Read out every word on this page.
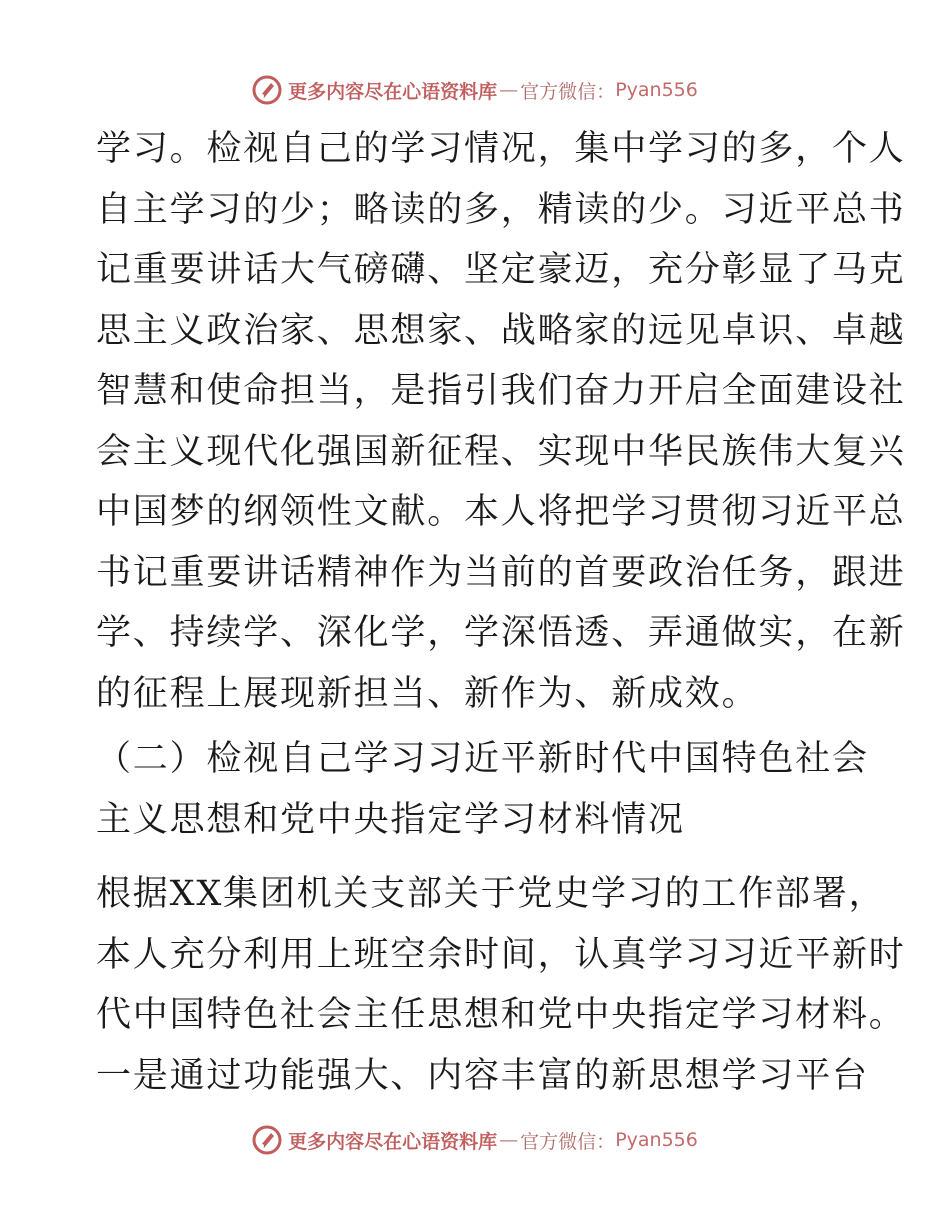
更多内容尽在心语资料库 — 官方微信： Pyan556
学习。检视自己的学习情况，集中学习的多，个人
自主学习的少；略读的多，精读的少。习近平总书
记重要讲话大气磅礴、坚定豪迈，充分彰显了马克
思主义政治家、思想家、战略家的远见卓识、卓越
智慧和使命担当，是指引我们奋力开启全面建设社
会主义现代化强国新征程、实现中华民族伟大复兴
中国梦的纲领性文献。本人将把学习贯彻习近平总
书记重要讲话精神作为当前的首要政治任务，跟进
学、持续学、深化学，学深悟透、弄通做实，在新
的征程上展现新担当、新作为、新成效。
（二）检视自己学习习近平新时代中国特色社会
主义思想和党中央指定学习材料情况
根据XX集团机关支部关于党史学习的工作部署，
本人充分利用上班空余时间，认真学习习近平新时
代中国特色社会主任思想和党中央指定学习材料。
一是通过功能强大、内容丰富的新思想学习平台
更多内容尽在心语资料库 — 官方微信： Pyan556
